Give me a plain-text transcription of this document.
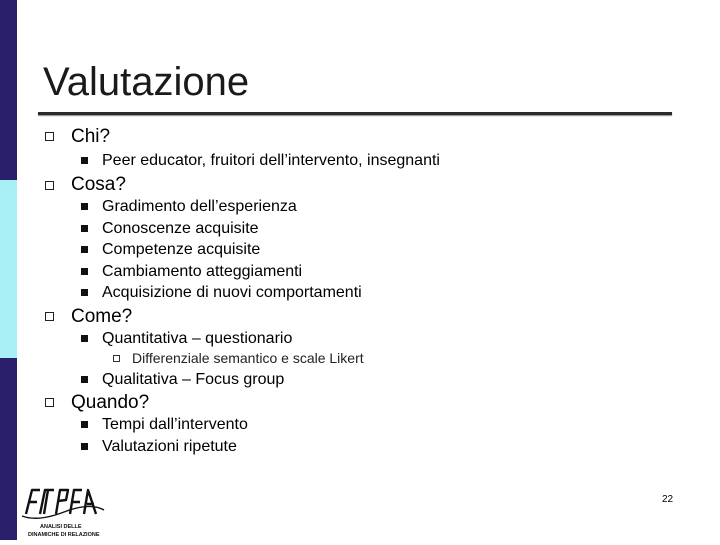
Valutazione
Chi?
Peer educator, fruitori dell’intervento, insegnanti
Cosa?
Gradimento dell’esperienza
Conoscenze acquisite
Competenze acquisite
Cambiamento atteggiamenti
Acquisizione di nuovi comportamenti
Come?
Quantitativa – questionario
Differenziale semantico e scale Likert
Qualitativa – Focus group
Quando?
Tempi dall’intervento
Valutazioni ripetute
ANALISI DELLE
DINAMICHE DI RELAZIONE
22
